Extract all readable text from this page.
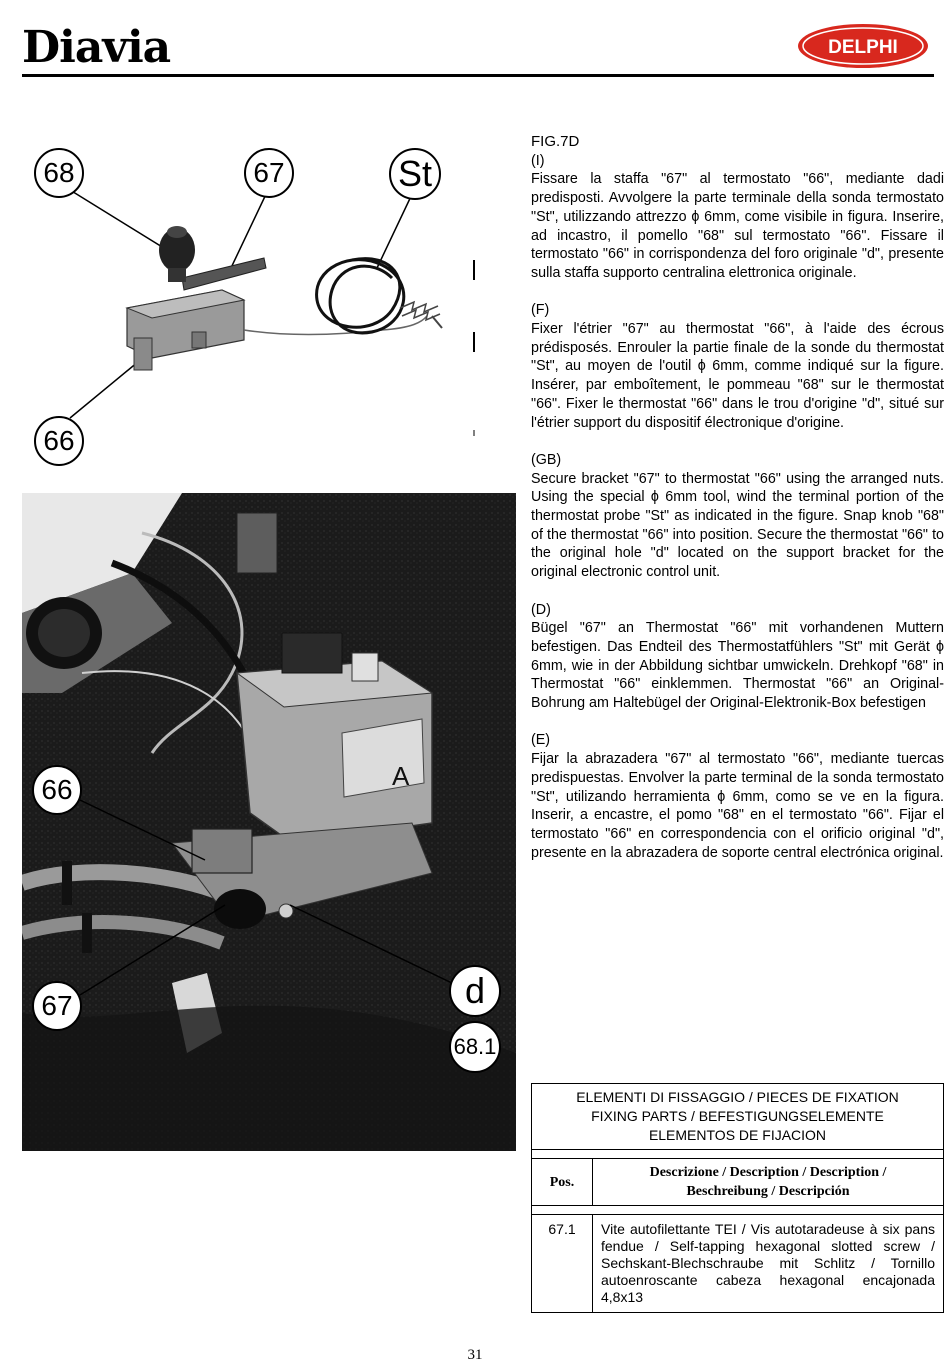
Diavia	DELPHI
68	67	St
66
A
66
67	d
68.1
FIG.7D
(I)

Fissare la staffa "67" al termostato "66", mediante dadi predisposti. Avvolgere la parte terminale della sonda termostato "St", utilizzando attrezzo ϕ 6mm, come visibile in figura. Inserire, ad incastro, il pomello "68" sul termostato "66". Fissare il termostato "66" in corrispondenza del foro originale "d", presente sulla staffa supporto centralina elettronica originale.

(F)

Fixer l'étrier "67" au thermostat "66", à l'aide des écrous prédisposés. Enrouler la partie finale de la sonde du thermostat "St", au moyen de l'outil ϕ 6mm, comme indiqué sur la figure. Insérer, par emboîtement, le pommeau "68" sur le thermostat "66". Fixer le thermostat "66" dans le trou d'origine "d", situé sur l'étrier support du dispositif électronique d'origine.

(GB)

Secure bracket "67" to thermostat "66" using the arranged nuts. Using the special ϕ 6mm tool, wind the terminal portion of the thermostat probe "St" as indicated in the figure. Snap knob "68" of the thermostat "66" into position. Secure the thermostat "66" to the original hole "d" located on the support bracket for the original electronic control unit.

(D)

Bügel "67" an Thermostat "66" mit vorhandenen Muttern befestigen. Das Endteil des Thermostatfühlers "St" mit Gerät ϕ 6mm, wie in der Abbildung sichtbar umwickeln. Drehkopf "68" in Thermostat "66" einklemmen. Thermostat "66" an Original-Bohrung am Haltebügel der Original-Elektronik-Box befestigen

(E)

Fijar la abrazadera "67" al termostato "66", mediante tuercas predispuestas. Envolver la parte terminal de la sonda termostato "St", utilizando herramienta ϕ 6mm, como se ve en la figura. Inserir, a encastre, el pomo "68" en el termostato "66". Fijar el termostato "66" en correspondencia con el orificio original "d", presente en la abrazadera de soporte central electrónica original.

ELEMENTI DI FISSAGGIO / PIECES DE FIXATION
FIXING PARTS / BEFESTIGUNGSELEMENTE
ELEMENTOS DE FIJACION	

Pos.	Descrizione / Description / Description /
Beschreibung / Descripción

67.1	Vite autofilettante TEI / Vis autotaradeuse à six pans fendue / Self-tapping hexagonal slotted screw / Sechskant-Blechschraube mit Schlitz / Tornillo autoenroscante cabeza hexagonal encajonada 4,8x13
31
